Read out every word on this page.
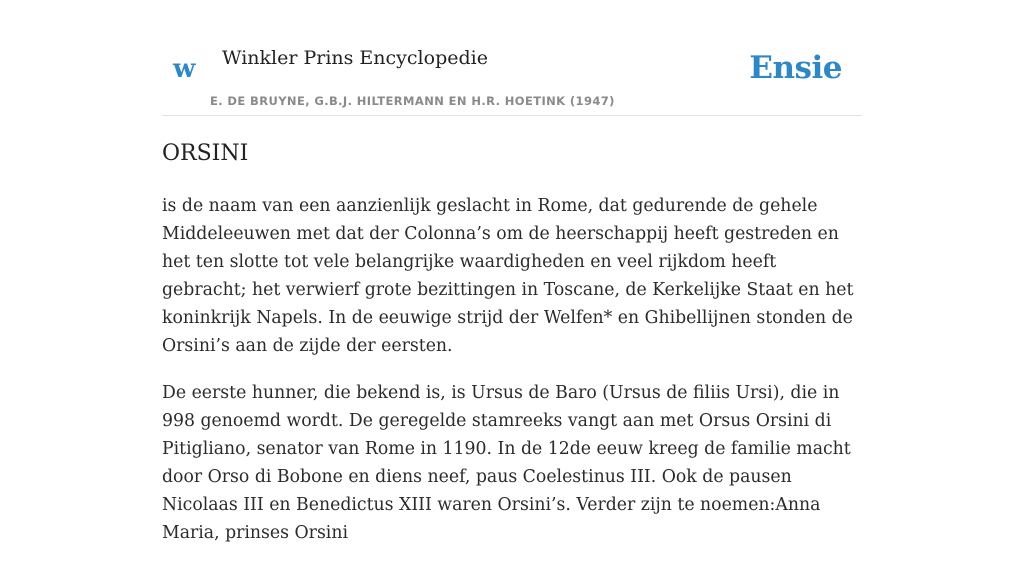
w Winkler Prins Encyclopedie
E. DE BRUYNE, G.B.J. HILTERMANN EN H.R. HOETINK (1947)
Ensie
ORSINI

is de naam van een aanzienlijk geslacht in Rome, dat gedurende de gehele Middeleeuwen met dat der Colonna’s om de heerschappij heeft gestreden en het ten slotte tot vele belangrijke waardigheden en veel rijkdom heeft gebracht; het verwierf grote bezittingen in Toscane, de Kerkelijke Staat en het koninkrijk Napels. In de eeuwige strijd der Welfen* en Ghibellijnen stonden de Orsini’s aan de zijde der eersten.

De eerste hunner, die bekend is, is Ursus de Baro (Ursus de filiis Ursi), die in 998 genoemd wordt. De geregelde stamreeks vangt aan met Orsus Orsini di Pitigliano, senator van Rome in 1190. In de 12de eeuw kreeg de familie macht door Orso di Bobone en diens neef, paus Coelestinus III. Ook de pausen Nicolaas III en Benedictus XIII waren Orsini’s. Verder zijn te noemen:Anna Maria, prinses Orsini
